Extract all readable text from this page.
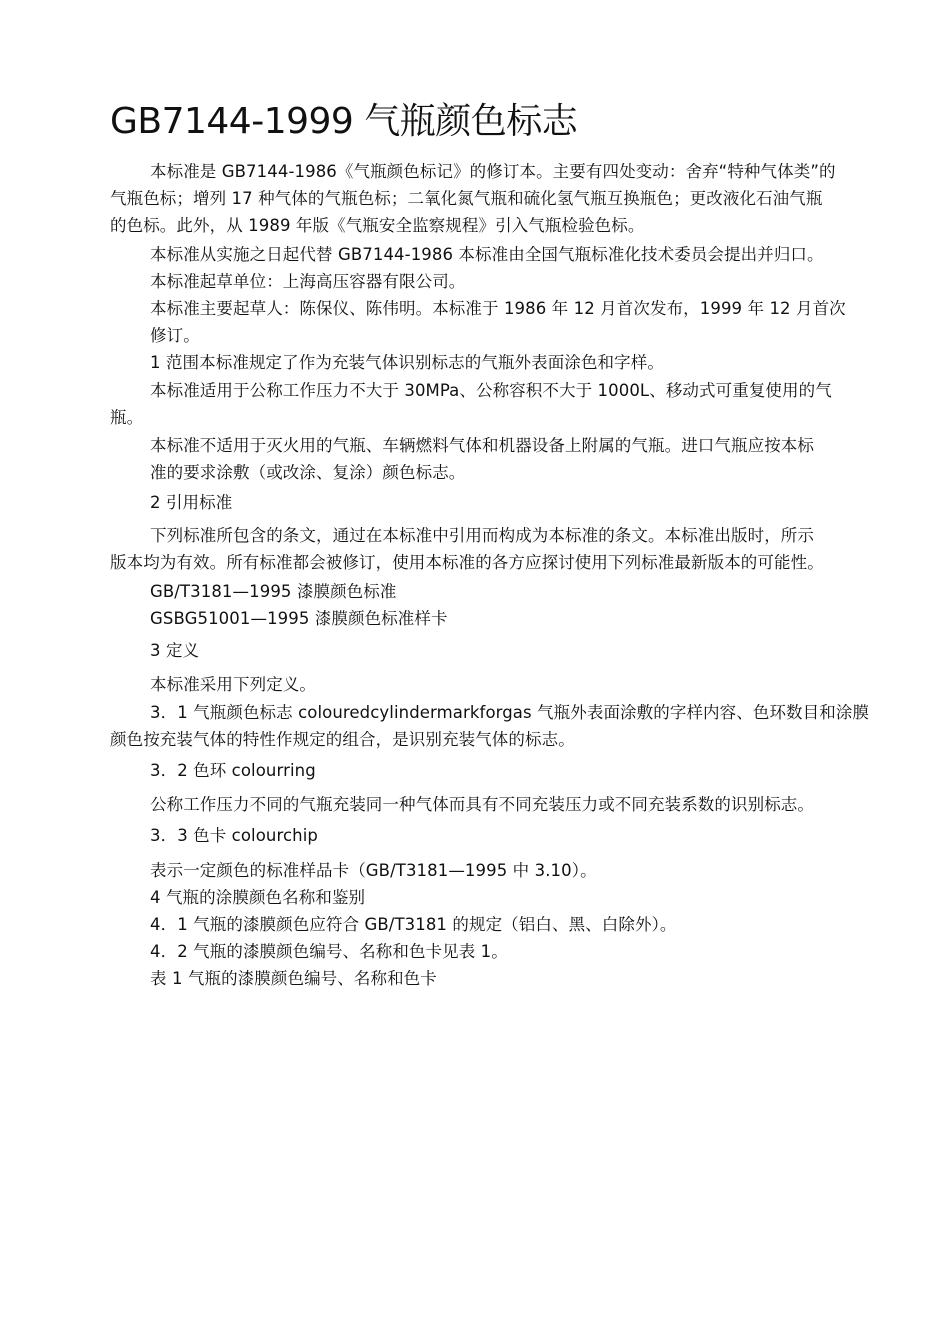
GB7144-1999 气瓶颜色标志

本标准是 GB7144-1986《气瓶颜色标记》的修订本。主要有四处变动：舍弃“特种气体类”的

气瓶色标；增列 17 种气体的气瓶色标；二氧化氮气瓶和硫化氢气瓶互换瓶色；更改液化石油气瓶

的色标。此外，从 1989 年版《气瓶安全监察规程》引入气瓶检验色标。

本标准从实施之日起代替 GB7144-1986 本标准由全国气瓶标准化技术委员会提出并归口。

本标准起草单位：上海高压容器有限公司。

本标准主要起草人：陈保仪、陈伟明。本标准于 1986 年 12 月首次发布，1999 年 12 月首次

修订。

1 范围本标准规定了作为充装气体识别标志的气瓶外表面涂色和字样。

本标准适用于公称工作压力不大于 30MPa、公称容积不大于 1000L、移动式可重复使用的气

瓶。

本标准不适用于灭火用的气瓶、车辆燃料气体和机器设备上附属的气瓶。进口气瓶应按本标

准的要求涂敷（或改涂、复涂）颜色标志。

2 引用标准

下列标准所包含的条文，通过在本标准中引用而构成为本标准的条文。本标准出版时，所示

版本均为有效。所有标准都会被修订，使用本标准的各方应探讨使用下列标准最新版本的可能性。

GB/T3181—1995 漆膜颜色标准

GSBG51001—1995 漆膜颜色标准样卡

3 定义

本标准采用下列定义。

3．1 气瓶颜色标志 colouredcylindermarkforgas 气瓶外表面涂敷的字样内容、色环数目和涂膜

颜色按充装气体的特性作规定的组合，是识别充装气体的标志。

3．2 色环 colourring

公称工作压力不同的气瓶充装同一种气体而具有不同充装压力或不同充装系数的识别标志。

3．3 色卡 colourchip

表示一定颜色的标准样品卡（GB/T3181—1995 中 3.10）。

4 气瓶的涂膜颜色名称和鉴别

4．1 气瓶的漆膜颜色应符合 GB/T3181 的规定（铝白、黑、白除外）。

4．2 气瓶的漆膜颜色编号、名称和色卡见表 1。

表 1 气瓶的漆膜颜色编号、名称和色卡
